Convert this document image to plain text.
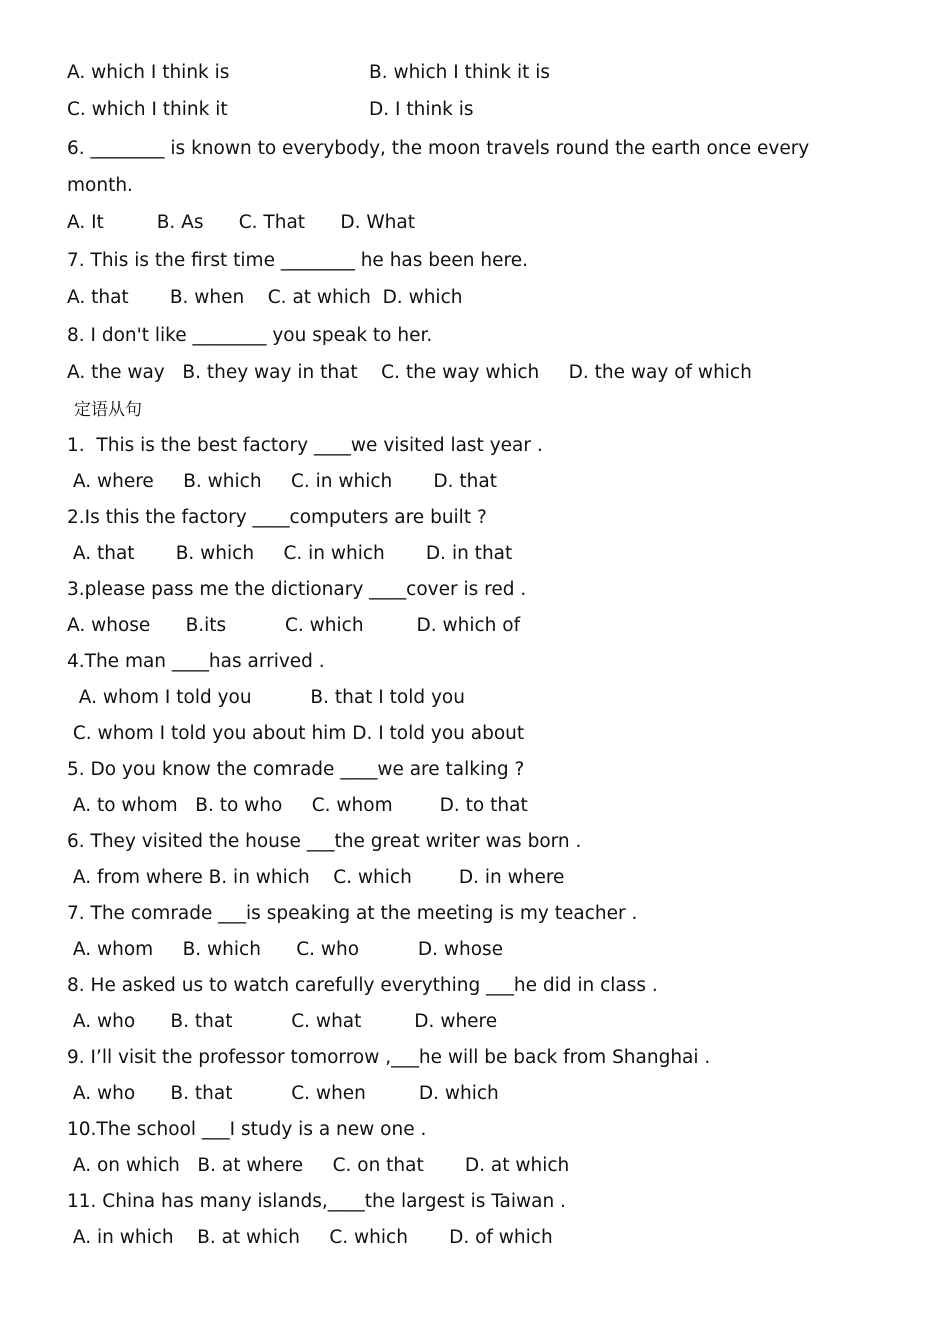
A. which I think is	B. which I think it is
C. which I think it	D. I think is
6. ________ is known to everybody, the moon travels round the earth once every
month.
A. It         B. As      C. That      D. What
7. This is the first time ________ he has been here.
A. that       B. when    C. at which  D. which
8. I don't like ________ you speak to her.
A. the way   B. they way in that    C. the way which     D. the way of which
定语从句
1.  This is the best factory ____we visited last year .
A. where     B. which     C. in which       D. that
2.Is this the factory ____computers are built ?
A. that       B. which     C. in which       D. in that
3.please pass me the dictionary ____cover is red .
A. whose      B.its          C. which         D. which of
4.The man ____has arrived .
A. whom I told you          B. that I told you
C. whom I told you about him D. I told you about
5. Do you know the comrade ____we are talking ?
A. to whom   B. to who     C. whom        D. to that
6. They visited the house ___the great writer was born .
A. from where B. in which    C. which        D. in where
7. The comrade ___is speaking at the meeting is my teacher .
A. whom     B. which      C. who          D. whose
8. He asked us to watch carefully everything ___he did in class .
A. who      B. that          C. what         D. where
9. I’ll visit the professor tomorrow ,___he will be back from Shanghai .
A. who      B. that          C. when         D. which
10.The school ___I study is a new one .
A. on which   B. at where     C. on that       D. at which
11. China has many islands,____the largest is Taiwan .
A. in which    B. at which     C. which       D. of which
